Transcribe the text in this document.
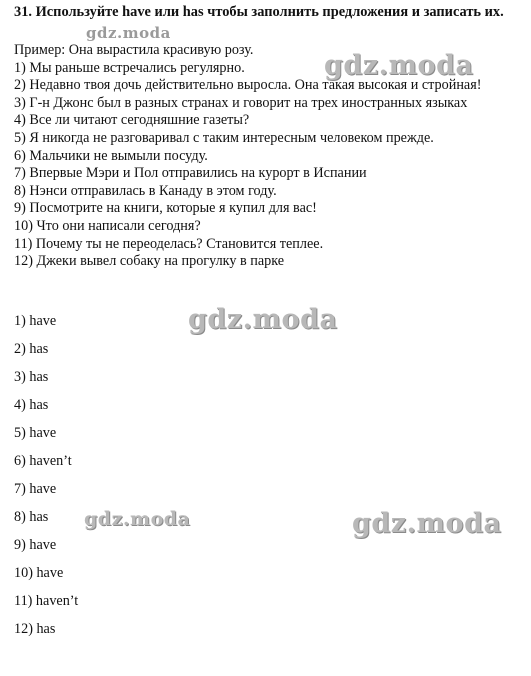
31. Используйте have или has чтобы заполнить предложения и записать их.
Пример: Она вырастила красивую розу.
1) Мы раньше встречались регулярно.
2) Недавно твоя дочь действительно выросла. Она такая высокая и стройная!
3) Г-н Джонс был в разных странах и говорит на трех иностранных языках
4) Все ли читают сегодняшние газеты?
5) Я никогда не разговаривал с таким интересным человеком прежде.
6) Мальчики не вымыли посуду.
7) Впервые Мэри и Пол отправились на курорт в Испании
8) Нэнси отправилась в Канаду в этом году.
9) Посмотрите на книги, которые я купил для вас!
10) Что они написали сегодня?
11) Почему ты не переоделась? Становится теплее.
12) Джеки вывел собаку на прогулку в парке
1) have
2) has
3) has
4) has
5) have
6) haven’t
7) have
8) has
9) have
10) have
11) haven’t
12) has
gdz.moda
gdz.moda
gdz.moda
gdz.moda	gdz.moda
